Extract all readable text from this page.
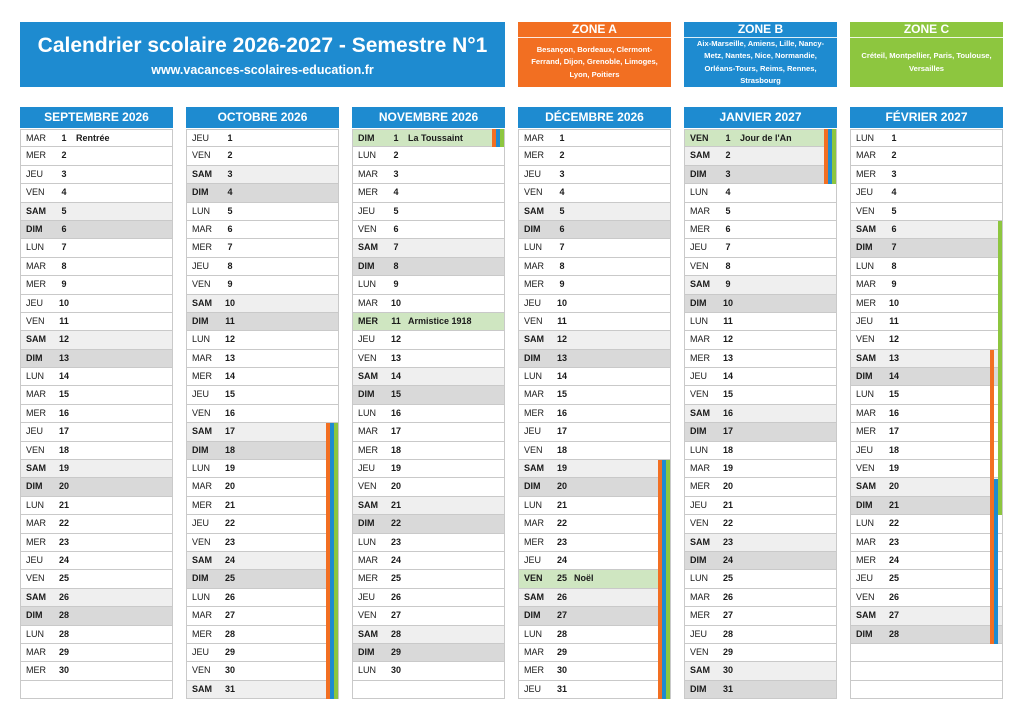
Calendrier scolaire 2026-2027 - Semestre N°1
www.vacances-scolaires-education.fr
ZONE A
Besançon, Bordeaux, Clermont-Ferrand, Dijon, Grenoble, Limoges, Lyon, Poitiers
ZONE B
Aix-Marseille, Amiens, Lille, Nancy-Metz, Nantes, Nice, Normandie, Orléans-Tours, Reims, Rennes, Strasbourg
ZONE C
Créteil, Montpellier, Paris, Toulouse, Versailles
SEPTEMBRE 2026
MAR	1	Rentrée
MER	2
JEU	3
VEN	4
SAM	5
DIM	6
LUN	7
MAR	8
MER	9
JEU	10
VEN	11
SAM	12
DIM	13
LUN	14
MAR	15
MER	16
JEU	17
VEN	18
SAM	19
DIM	20
LUN	21
MAR	22
MER	23
JEU	24
VEN	25
SAM	26
DIM	28
LUN	28
MAR	29
MER	30
OCTOBRE 2026
JEU	1
VEN	2
SAM	3
DIM	4
LUN	5
MAR	6
MER	7
JEU	8
VEN	9
SAM	10
DIM	11
LUN	12
MAR	13
MER	14
JEU	15
VEN	16
SAM	17
DIM	18
LUN	19
MAR	20
MER	21
JEU	22
VEN	23
SAM	24
DIM	25
LUN	26
MAR	27
MER	28
JEU	29
VEN	30
SAM	31
NOVEMBRE 2026
DIM	1	La Toussaint
LUN	2
MAR	3
MER	4
JEU	5
VEN	6
SAM	7
DIM	8
LUN	9
MAR	10
MER	11 Armistice 1918
JEU	12
VEN	13
SAM	14
DIM	15
LUN	16
MAR	17
MER	18
JEU	19
VEN	20
SAM	21
DIM	22
LUN	23
MAR	24
MER	25
JEU	26
VEN	27
SAM	28
DIM	29
LUN	30
DÉCEMBRE 2026
MAR	1
MER	2
JEU	3
VEN	4
SAM	5
DIM	6
LUN	7
MAR	8
MER	9
JEU	10
VEN	11
SAM	12
DIM	13
LUN	14
MAR	15
MER	16
JEU	17
VEN	18
SAM	19
DIM	20
LUN	21
MAR	22
MER	23
JEU	24
VEN	25 Noël
SAM	26
DIM	27
LUN	28
MAR	29
MER	30
JEU	31
JANVIER 2027
VEN	1	Jour de l'An
SAM	2
DIM	3
LUN	4
MAR	5
MER	6
JEU	7
VEN	8
SAM	9
DIM	10
LUN	11
MAR	12
MER	13
JEU	14
VEN	15
SAM	16
DIM	17
LUN	18
MAR	19
MER	20
JEU	21
VEN	22
SAM	23
DIM	24
LUN	25
MAR	26
MER	27
JEU	28
VEN	29
SAM	30
DIM	31
FÉVRIER 2027
LUN	1
MAR	2
MER	3
JEU	4
VEN	5
SAM	6
DIM	7
LUN	8
MAR	9
MER	10
JEU	11
VEN	12
SAM	13
DIM	14
LUN	15
MAR	16
MER	17
JEU	18
VEN	19
SAM	20
DIM	21
LUN	22
MAR	23
MER	24
JEU	25
VEN	26
SAM	27
DIM	28
